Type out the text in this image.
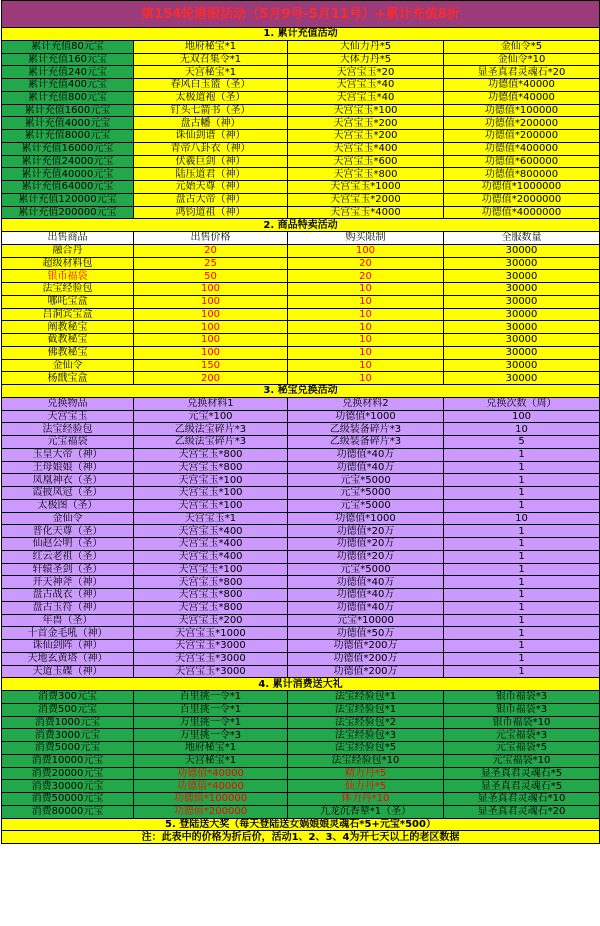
第154轮港服活动（5月9号-5月11号）+累计充值8折			
1. 累计充值活动			
累计充值80元宝	地府秘宝*1	大仙力丹*5	金仙令*5
累计充值160元宝	无双召集令*1	大体力丹*5	金仙令*10
累计充值240元宝	天宫秘宝*1	天宫宝玉*20	显圣真君灵魂石*20
累计充值400元宝	春风白玉篮（圣）	天宫宝玉*40	功德值*40000
累计充值800元宝	太极道袍（圣）	天宫宝玉*40	功德值*40000
累计充值1600元宝	钉头七箭书（圣）	天宫宝玉*100	功德值*100000
累计充值4000元宝	盘古幡（神）	天宫宝玉*200	功德值*200000
累计充值8000元宝	诛仙剑谱（神）	天宫宝玉*200	功德值*200000
累计充值16000元宝	青帝八卦衣（神）	天宫宝玉*400	功德值*400000
累计充值24000元宝	伏羲巨剑（神）	天宫宝玉*600	功德值*600000
累计充值40000元宝	陆压道君（神）	天宫宝玉*800	功德值*800000
累计充值64000元宝	元始天尊（神）	天宫宝玉*1000	功德值*1000000
累计充值120000元宝	盘古大帝（神）	天宫宝玉*2000	功德值*2000000
累计充值200000元宝	鸿钧道祖（神）	天宫宝玉*4000	功德值*4000000
2. 商品特卖活动			
出售商品	出售价格	购买限制	全服数量
融合丹	20	100	30000
超级材料包	25	20	30000
银币福袋	50	20	30000
法宝经验包	100	10	30000
哪吒宝盒	100	10	30000
吕洞宾宝盒	100	10	30000
阐教秘宝	100	10	30000
截教秘宝	100	10	30000
佛教秘宝	100	10	30000
金仙令	150	10	30000
杨戬宝盒	200	10	30000
3. 秘宝兑换活动			
兑换物品	兑换材料1	兑换材料2	兑换次数（周）
天宫宝玉	元宝*100	功德值*1000	100
法宝经验包	乙级法宝碎片*3	乙级装备碎片*3	10
元宝福袋	乙级法宝碎片*3	乙级装备碎片*3	5
玉皇大帝（神）	天宫宝玉*800	功德值*40万	1
王母娘娘（神）	天宫宝玉*800	功德值*40万	1
凤凰神衣（圣）	天宫宝玉*100	元宝*5000	1
霞披凤冠（圣）	天宫宝玉*100	元宝*5000	1
太极图（圣）	天宫宝玉*100	元宝*5000	1
金仙令	天宫宝玉*1	功德值*1000	10
普化天尊（圣）	天宫宝玉*400	功德值*20万	1
仙赵公明（圣）	天宫宝玉*400	功德值*20万	1
红云老祖（圣）	天宫宝玉*400	功德值*20万	1
轩辕圣剑（圣）	天宫宝玉*100	元宝*5000	1
开天神斧（神）	天宫宝玉*800	功德值*40万	1
盘古战衣（神）	天宫宝玉*800	功德值*40万	1
盘古玉符（神）	天宫宝玉*800	功德值*40万	1
年兽（圣）	天宫宝玉*200	元宝*10000	1
十首金毛吼（神）	天宫宝玉*1000	功德值*50万	1
诛仙剑阵（神）	天宫宝玉*3000	功德值*200万	1
天地玄黄塔（神）	天宫宝玉*3000	功德值*200万	1
天道玉碟（神）	天宫宝玉*3000	功德值*200万	1
4. 累计消费送大礼			
消费300元宝	百里挑一令*1	法宝经验包*1	银币福袋*3
消费500元宝	百里挑一令*1	法宝经验包*1	银币福袋*3
消费1000元宝	万里挑一令*1	法宝经验包*2	银币福袋*10
消费3000元宝	万里挑一令*3	法宝经验包*3	元宝福袋*3
消费5000元宝	地府秘宝*1	法宝经验包*5	元宝福袋*5
消费10000元宝	天宫秘宝*1	法宝经验包*10	元宝福袋*10
消费20000元宝	功德值*40000	精力丹*5	显圣真君灵魂石*5
消费30000元宝	功德值*40000	仙力丹*5	显圣真君灵魂石*5
消费50000元宝	功德值*100000	体力丹*10	显圣真君灵魂石*10
消费80000元宝	功德值*200000	九龙沉香辇*1（圣）	显圣真君灵魂石*20
5. 登陆送大奖（每天登陆送女娲娘娘灵魂石*5+元宝*500）			
注：此表中的价格为折后价，活动1、2、3、4为开七天以上的老区数据			
